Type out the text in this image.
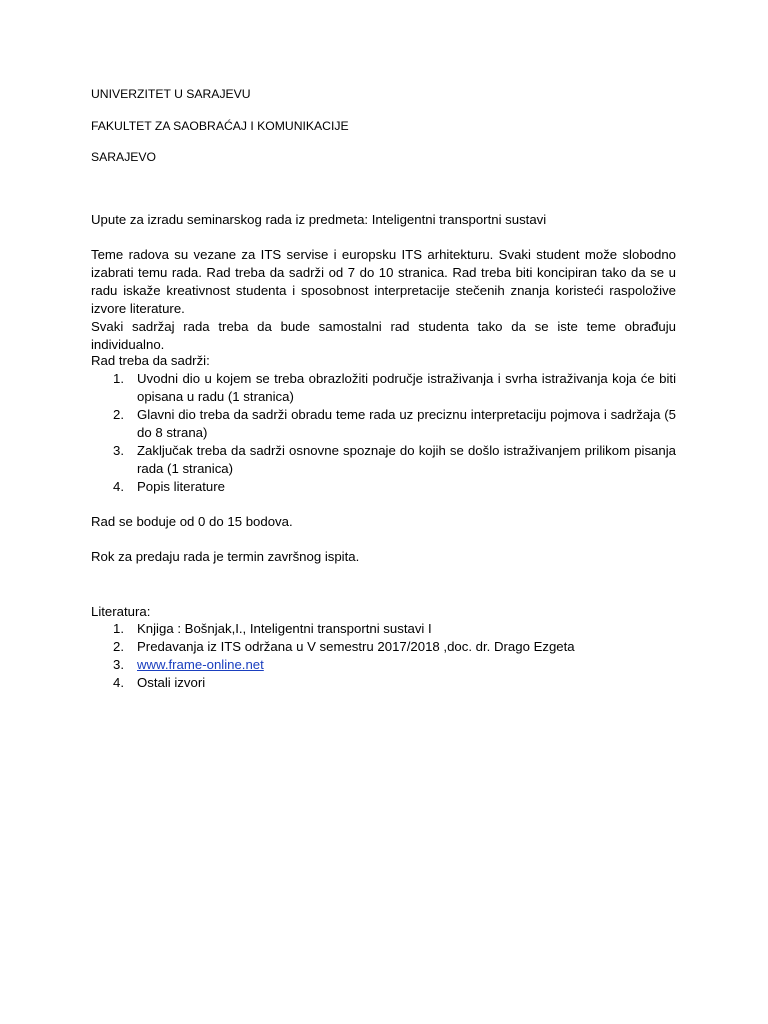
UNIVERZITET U SARAJEVU
FAKULTET ZA SAOBRAĆAJ I KOMUNIKACIJE
SARAJEVO
Upute za izradu seminarskog rada iz predmeta: Inteligentni transportni sustavi

Teme radova su vezane za ITS servise i europsku ITS arhitekturu. Svaki student može slobodno izabrati temu rada. Rad treba da sadrži od 7 do 10 stranica. Rad treba biti koncipiran tako da se u radu iskaže kreativnost studenta i sposobnost interpretacije stečenih znanja koristeći raspoložive izvore literature.

Svaki sadržaj rada treba da bude samostalni rad studenta tako da se iste teme obrađuju individualno.

Rad treba da sadrži:
1. Uvodni dio u kojem se treba obrazložiti područje istraživanja i svrha istraživanja koja će biti opisana u radu (1 stranica)
2. Glavni dio treba da sadrži obradu teme rada uz preciznu interpretaciju pojmova i sadržaja (5 do 8 strana)
3. Zaključak treba da sadrži osnovne spoznaje do kojih se došlo istraživanjem prilikom pisanja rada (1 stranica)
4. Popis literature
Rad se boduje od 0 do 15 bodova.
Rok za predaju rada je termin završnog ispita.
Literatura:
1. Knjiga : Bošnjak,I., Inteligentni transportni sustavi I
2. Predavanja iz ITS održana u V semestru 2017/2018 ,doc. dr. Drago Ezgeta
3. www.frame-online.net
4. Ostali izvori
